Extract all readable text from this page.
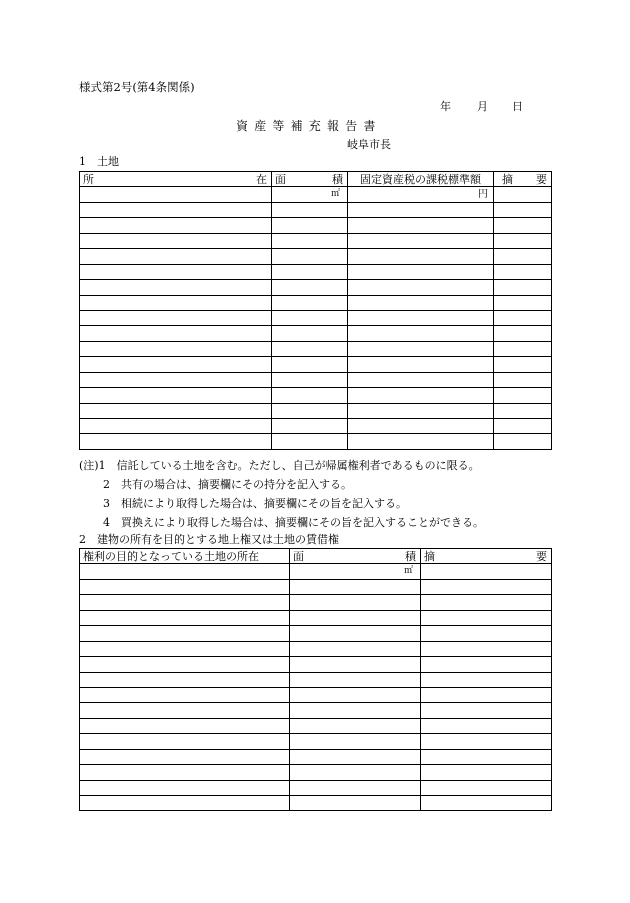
様式第2号(第4条関係)
年 月 日
資産等補充報告書
岐阜市長
1　土地
所 在	面 積	固定資産税の課税標準額	摘 要

	㎡	円	

(注)1　信託している土地を含む。ただし、自己が帰属権利者であるものに限る。
2　共有の場合は、摘要欄にその持分を記入する。
3　相続により取得した場合は、摘要欄にその旨を記入する。
4　買換えにより取得した場合は、摘要欄にその旨を記入することができる。
2　建物の所有を目的とする地上権又は土地の賃借権
権利の目的となっている土地の所在	面 積	摘 要

	㎡	
